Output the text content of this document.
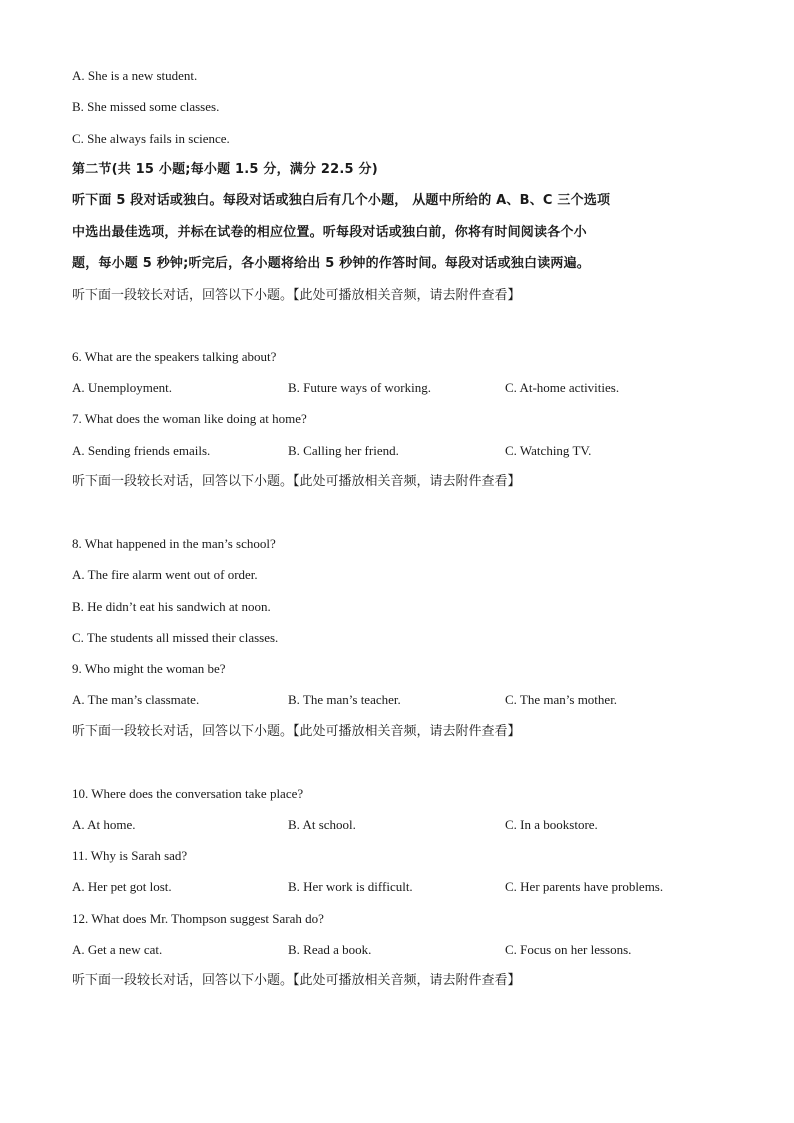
A. She is a new student.
B. She missed some classes.
C. She always fails in science.
第二节(共 15 小题;每小题 1.5 分，满分 22.5 分)
听下面 5 段对话或独白。每段对话或独白后有几个小题， 从题中所给的 A、B、C 三个选项
中选出最佳选项，并标在试卷的相应位置。听每段对话或独白前，你将有时间阅读各个小
题，每小题 5 秒钟;听完后，各小题将给出 5 秒钟的作答时间。每段对话或独白读两遍。
听下面一段较长对话，回答以下小题。【此处可播放相关音频，请去附件查看】
6. What are the speakers talking about?
A. Unemployment.	B. Future ways of working.	C. At-home activities.
7. What does the woman like doing at home?
A. Sending friends emails.	B. Calling her friend.	C. Watching TV.
听下面一段较长对话，回答以下小题。【此处可播放相关音频，请去附件查看】
8. What happened in the man’s school?
A. The fire alarm went out of order.
B. He didn’t eat his sandwich at noon.
C. The students all missed their classes.
9. Who might the woman be?
A. The man’s classmate.	B. The man’s teacher.	C. The man’s mother.
听下面一段较长对话，回答以下小题。【此处可播放相关音频，请去附件查看】
10. Where does the conversation take place?
A. At home.	B. At school.	C. In a bookstore.
11. Why is Sarah sad?
A. Her pet got lost.	B. Her work is difficult.	C. Her parents have problems.
12. What does Mr. Thompson suggest Sarah do?
A. Get a new cat.	B. Read a book.	C. Focus on her lessons.
听下面一段较长对话，回答以下小题。【此处可播放相关音频，请去附件查看】
